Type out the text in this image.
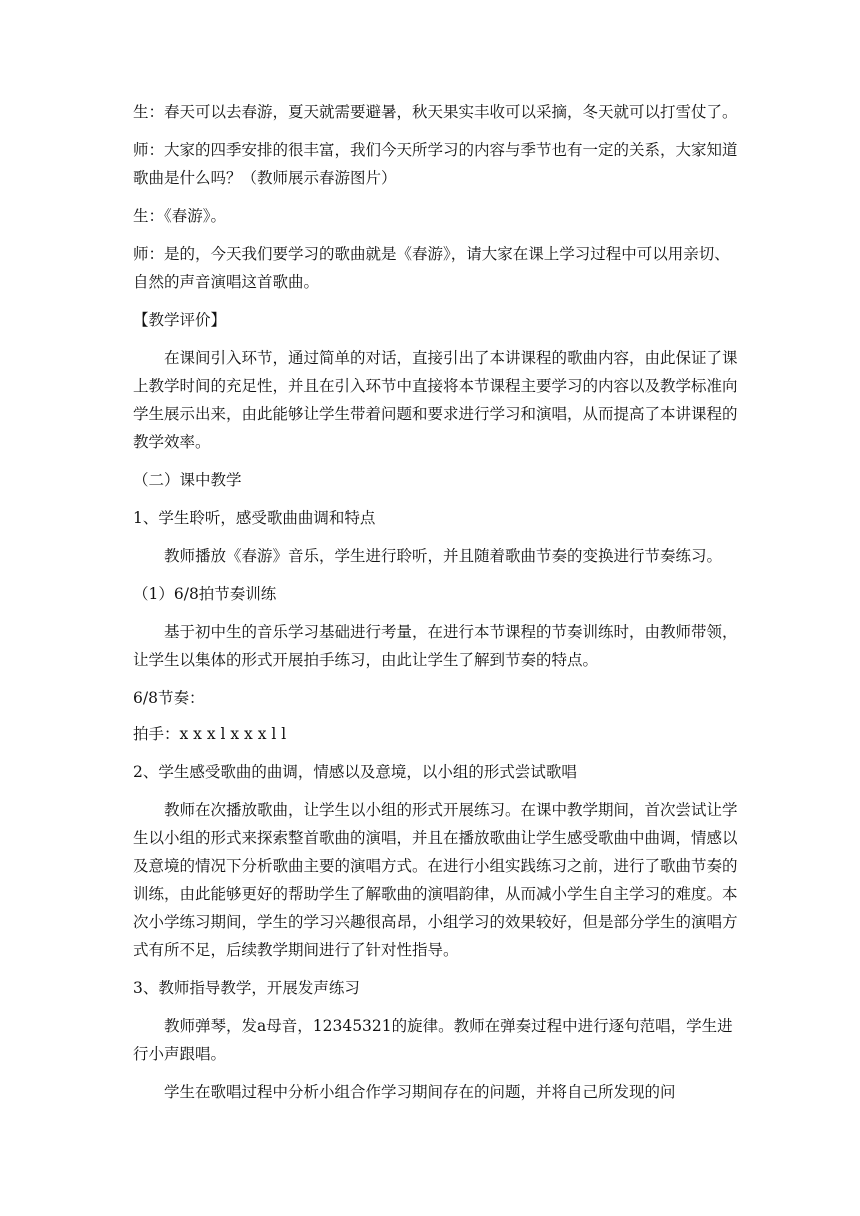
生：春天可以去春游，夏天就需要避暑，秋天果实丰收可以采摘，冬天就可以打雪仗了。

师：大家的四季安排的很丰富，我们今天所学习的内容与季节也有一定的关系，大家知道歌曲是什么吗？（教师展示春游图片）

生：《春游》。

师：是的，今天我们要学习的歌曲就是《春游》，请大家在课上学习过程中可以用亲切、自然的声音演唱这首歌曲。

【教学评价】

在课间引入环节，通过简单的对话，直接引出了本讲课程的歌曲内容，由此保证了课上教学时间的充足性，并且在引入环节中直接将本节课程主要学习的内容以及教学标准向学生展示出来，由此能够让学生带着问题和要求进行学习和演唱，从而提高了本讲课程的教学效率。

（二）课中教学

1、学生聆听，感受歌曲曲调和特点

教师播放《春游》音乐，学生进行聆听，并且随着歌曲节奏的变换进行节奏练习。

（1）6/8拍节奏训练

基于初中生的音乐学习基础进行考量，在进行本节课程的节奏训练时，由教师带领，让学生以集体的形式开展拍手练习，由此让学生了解到节奏的特点。

6/8节奏：

拍手：x x x l x x x l l

2、学生感受歌曲的曲调，情感以及意境，以小组的形式尝试歌唱

教师在次播放歌曲，让学生以小组的形式开展练习。在课中教学期间，首次尝试让学生以小组的形式来探索整首歌曲的演唱，并且在播放歌曲让学生感受歌曲中曲调，情感以及意境的情况下分析歌曲主要的演唱方式。在进行小组实践练习之前，进行了歌曲节奏的训练，由此能够更好的帮助学生了解歌曲的演唱韵律，从而减小学生自主学习的难度。本次小学练习期间，学生的学习兴趣很高昂，小组学习的效果较好，但是部分学生的演唱方式有所不足，后续教学期间进行了针对性指导。

3、教师指导教学，开展发声练习

教师弹琴，发a母音，12345321的旋律。教师在弹奏过程中进行逐句范唱，学生进行小声跟唱。

学生在歌唱过程中分析小组合作学习期间存在的问题，并将自己所发现的问
